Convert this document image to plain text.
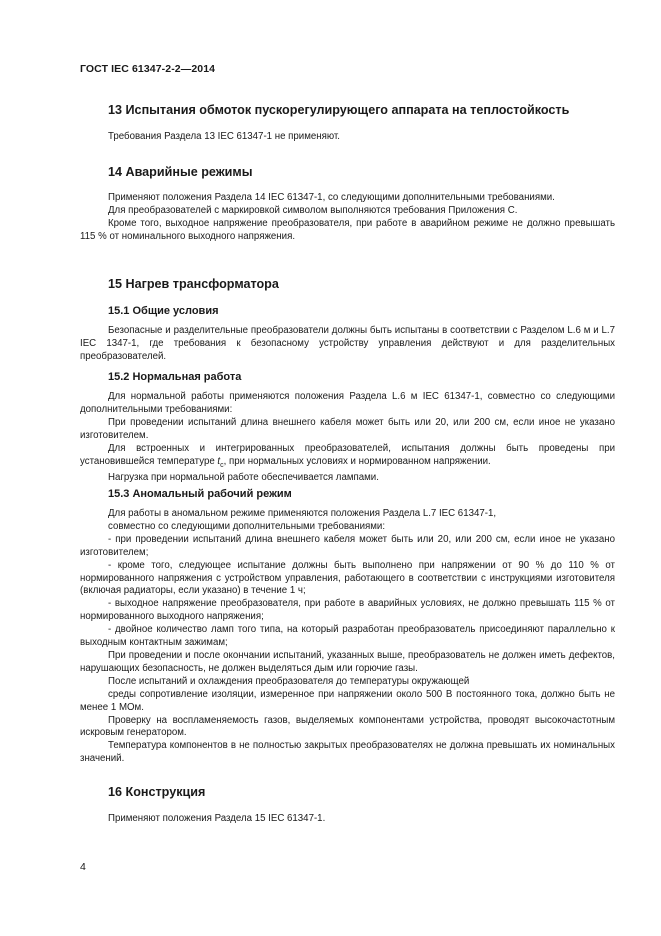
ГОСТ IEC 61347-2-2—2014
13 Испытания обмоток пускорегулирующего аппарата на теплостойкость

Требования Раздела 13 IEC 61347-1 не применяют.

14 Аварийные режимы

Применяют положения Раздела 14 IEC 61347-1, со следующими дополнительными требованиями.

Для преобразователей с маркировкой символом выполняются требования Приложения С.

Кроме того, выходное напряжение преобразователя, при работе в аварийном режиме не должно превышать 115 % от номинального выходного напряжения.

15 Нагрев трансформатора
15.1 Общие условия

Безопасные и разделительные преобразователи должны быть испытаны в соответствии с Разделом L.6 м и L.7 IEC 1347-1, где требования к безопасному устройству управления действуют и для разделительных преобразователей.

15.2 Нормальная работа

Для нормальной работы применяются положения Раздела L.6 м IEC 61347-1, совместно со следующими дополнительными требованиями:

При проведении испытаний длина внешнего кабеля может быть или 20, или 200 см, если иное не указано изготовителем.

Для встроенных и интегрированных преобразователей, испытания должны быть проведены при установившейся температуре $t_c$, при нормальных условиях и нормированном напряжении.

Нагрузка при нормальной работе обеспечивается лампами.

15.3 Аномальный рабочий режим

Для работы в аномальном режиме применяются положения Раздела L.7 IEC 61347-1,

совместно со следующими дополнительными требованиями:

- при проведении испытаний длина внешнего кабеля может быть или 20, или 200 см, если иное не указано изготовителем;

- кроме того, следующее испытание должны быть выполнено при напряжении от 90 % до 110 % от нормированного напряжения с устройством управления, работающего в соответствии с инструкциями изготовителя (включая радиаторы, если указано) в течение 1 ч;

- выходное напряжение преобразователя, при работе в аварийных условиях, не должно превышать 115 % от нормированного выходного напряжения;

- двойное количество ламп того типа, на который разработан преобразователь присоединяют параллельно к выходным контактным зажимам;

При проведении и после окончании испытаний, указанных выше, преобразователь не должен иметь дефектов, нарушающих безопасность, не должен выделяться дым или горючие газы.

После испытаний и охлаждения преобразователя до температуры окружающей

среды сопротивление изоляции, измеренное при напряжении около 500 В постоянного тока, должно быть не менее 1 МОм.

Проверку на воспламеняемость газов, выделяемых компонентами устройства, проводят высокочастотным искровым генератором.

Температура компонентов в не полностью закрытых преобразователях не должна превышать их номинальных значений.

16 Конструкция

Применяют положения Раздела 15 IEC 61347-1.

4
